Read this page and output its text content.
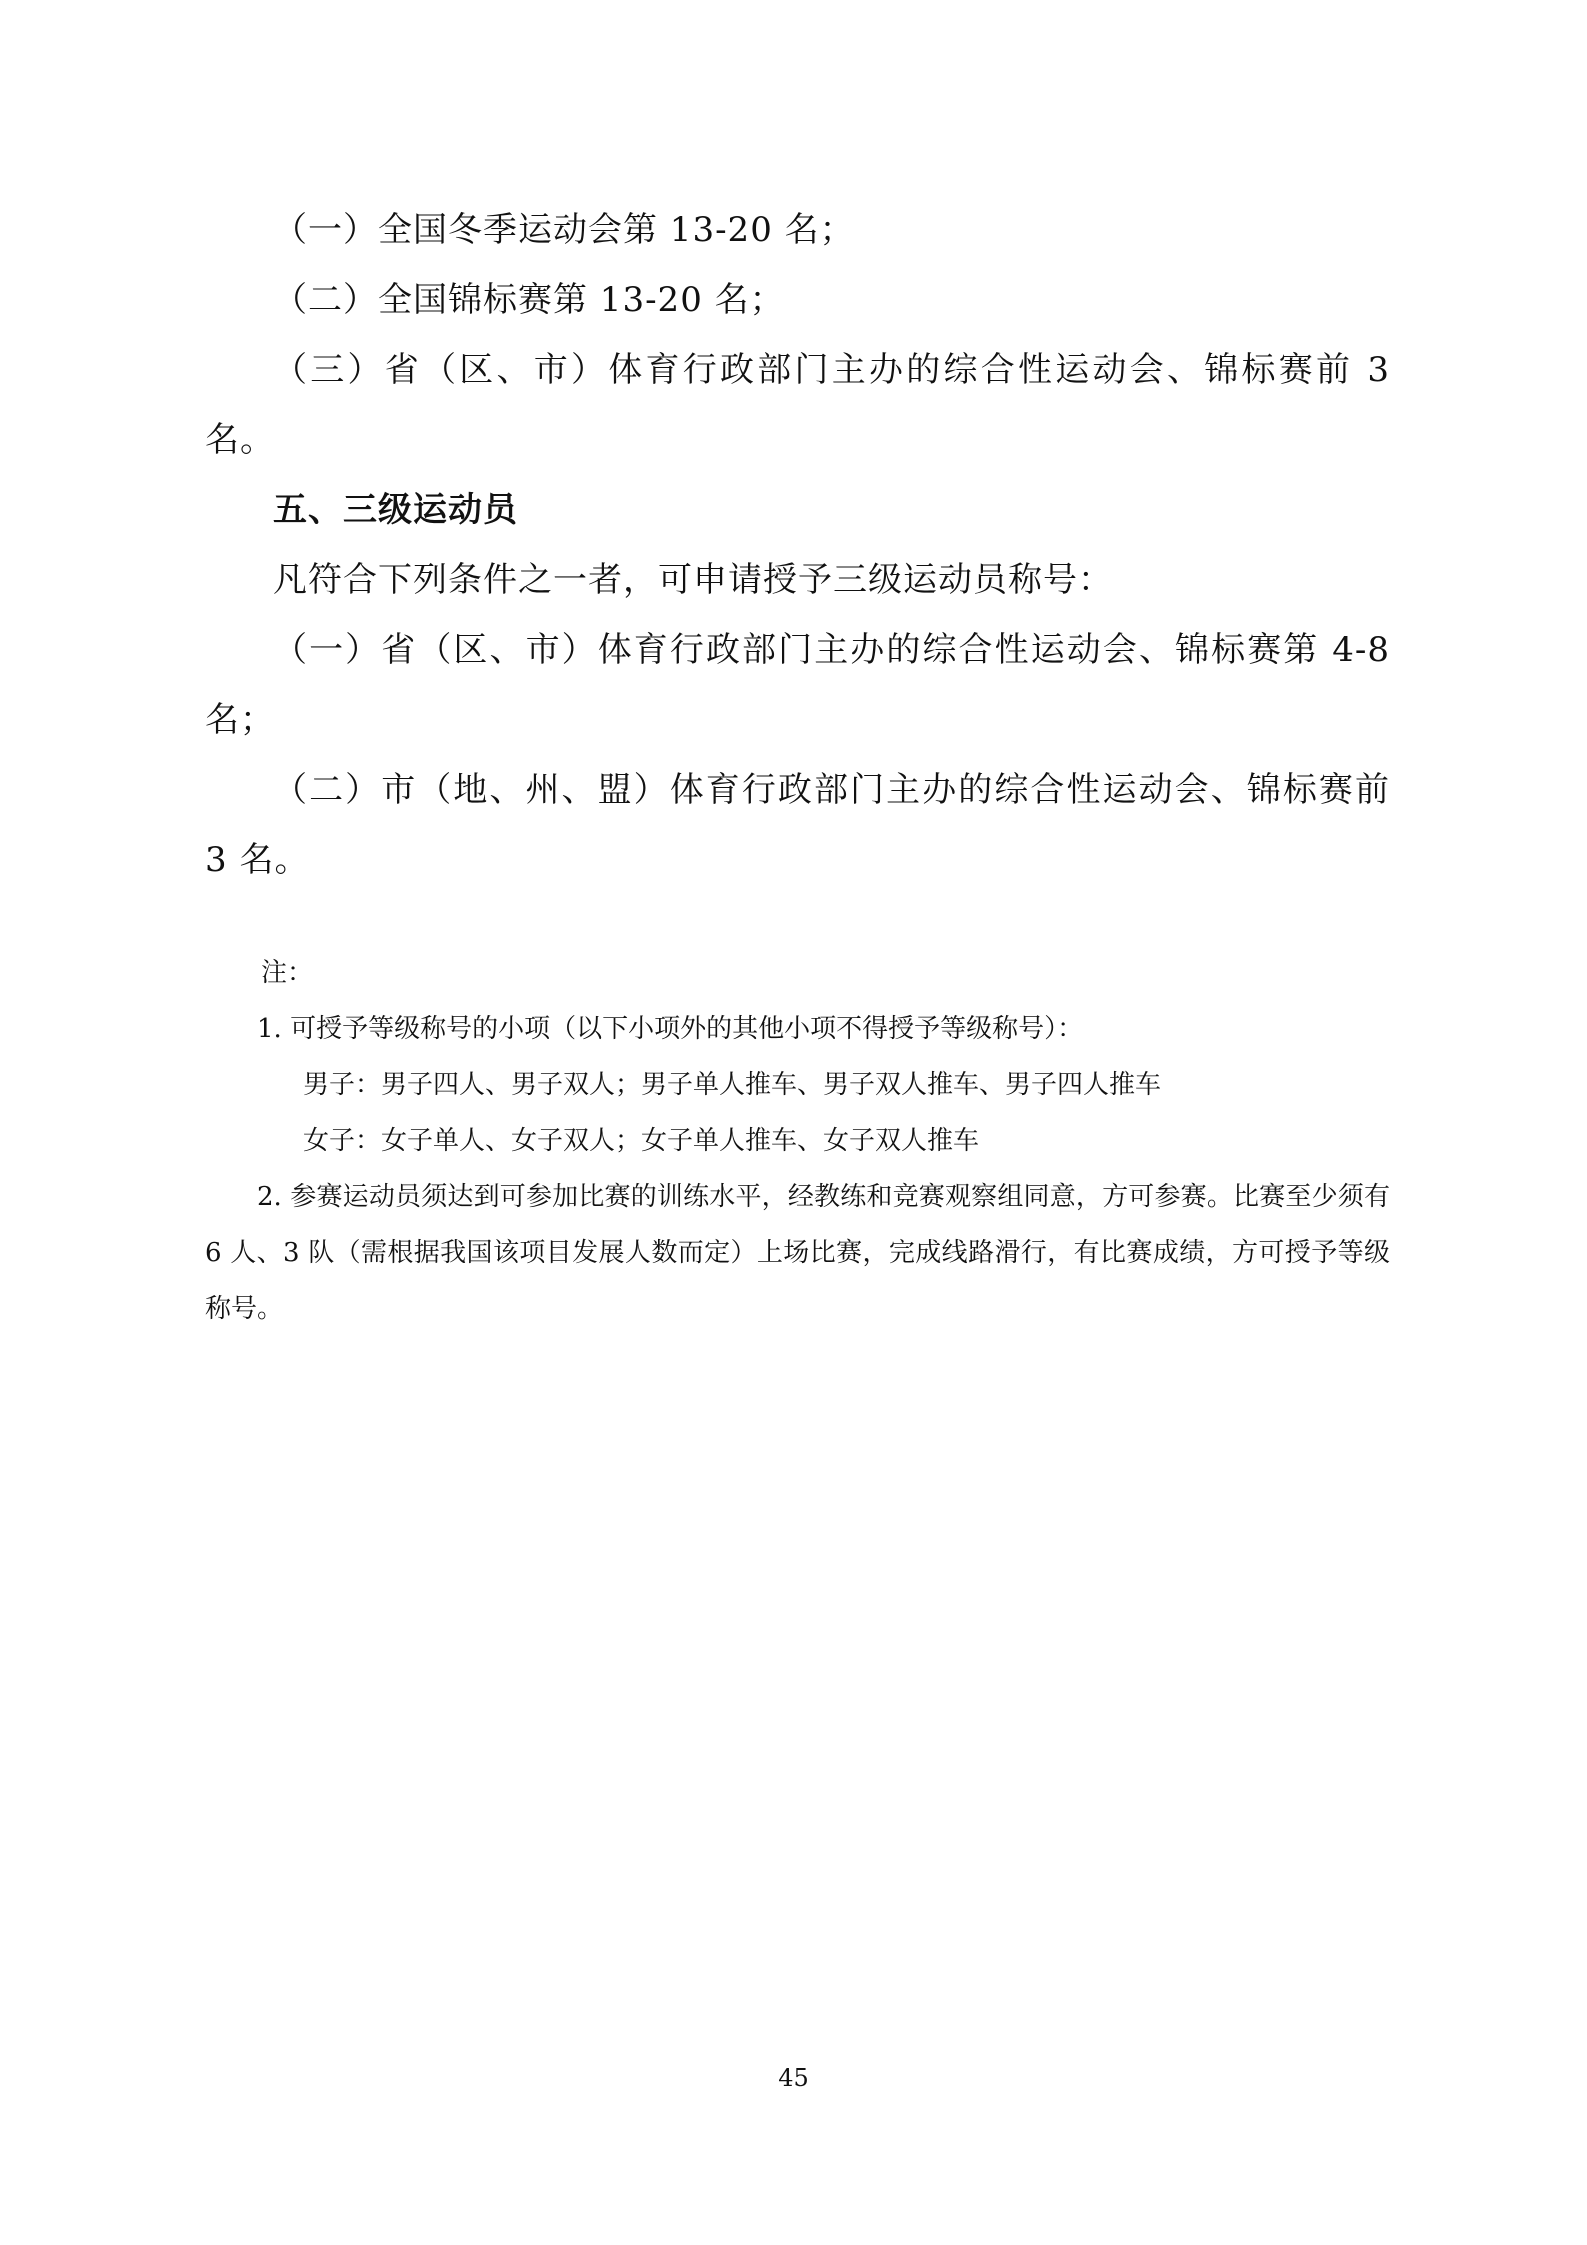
（一）全国冬季运动会第 13-20 名；

（二）全国锦标赛第 13-20 名；

（三）省（区、市）体育行政部门主办的综合性运动会、锦标赛前 3 名。

五、三级运动员

凡符合下列条件之一者，可申请授予三级运动员称号：

（一）省（区、市）体育行政部门主办的综合性运动会、锦标赛第 4-8 名；

（二）市（地、州、盟）体育行政部门主办的综合性运动会、锦标赛前 3 名。

注：

1. 可授予等级称号的小项（以下小项外的其他小项不得授予等级称号）：

男子：男子四人、男子双人；男子单人推车、男子双人推车、男子四人推车

女子：女子单人、女子双人；女子单人推车、女子双人推车

2. 参赛运动员须达到可参加比赛的训练水平，经教练和竞赛观察组同意，方可参赛。比赛至少须有 6 人、3 队（需根据我国该项目发展人数而定）上场比赛，完成线路滑行，有比赛成绩，方可授予等级称号。

45
